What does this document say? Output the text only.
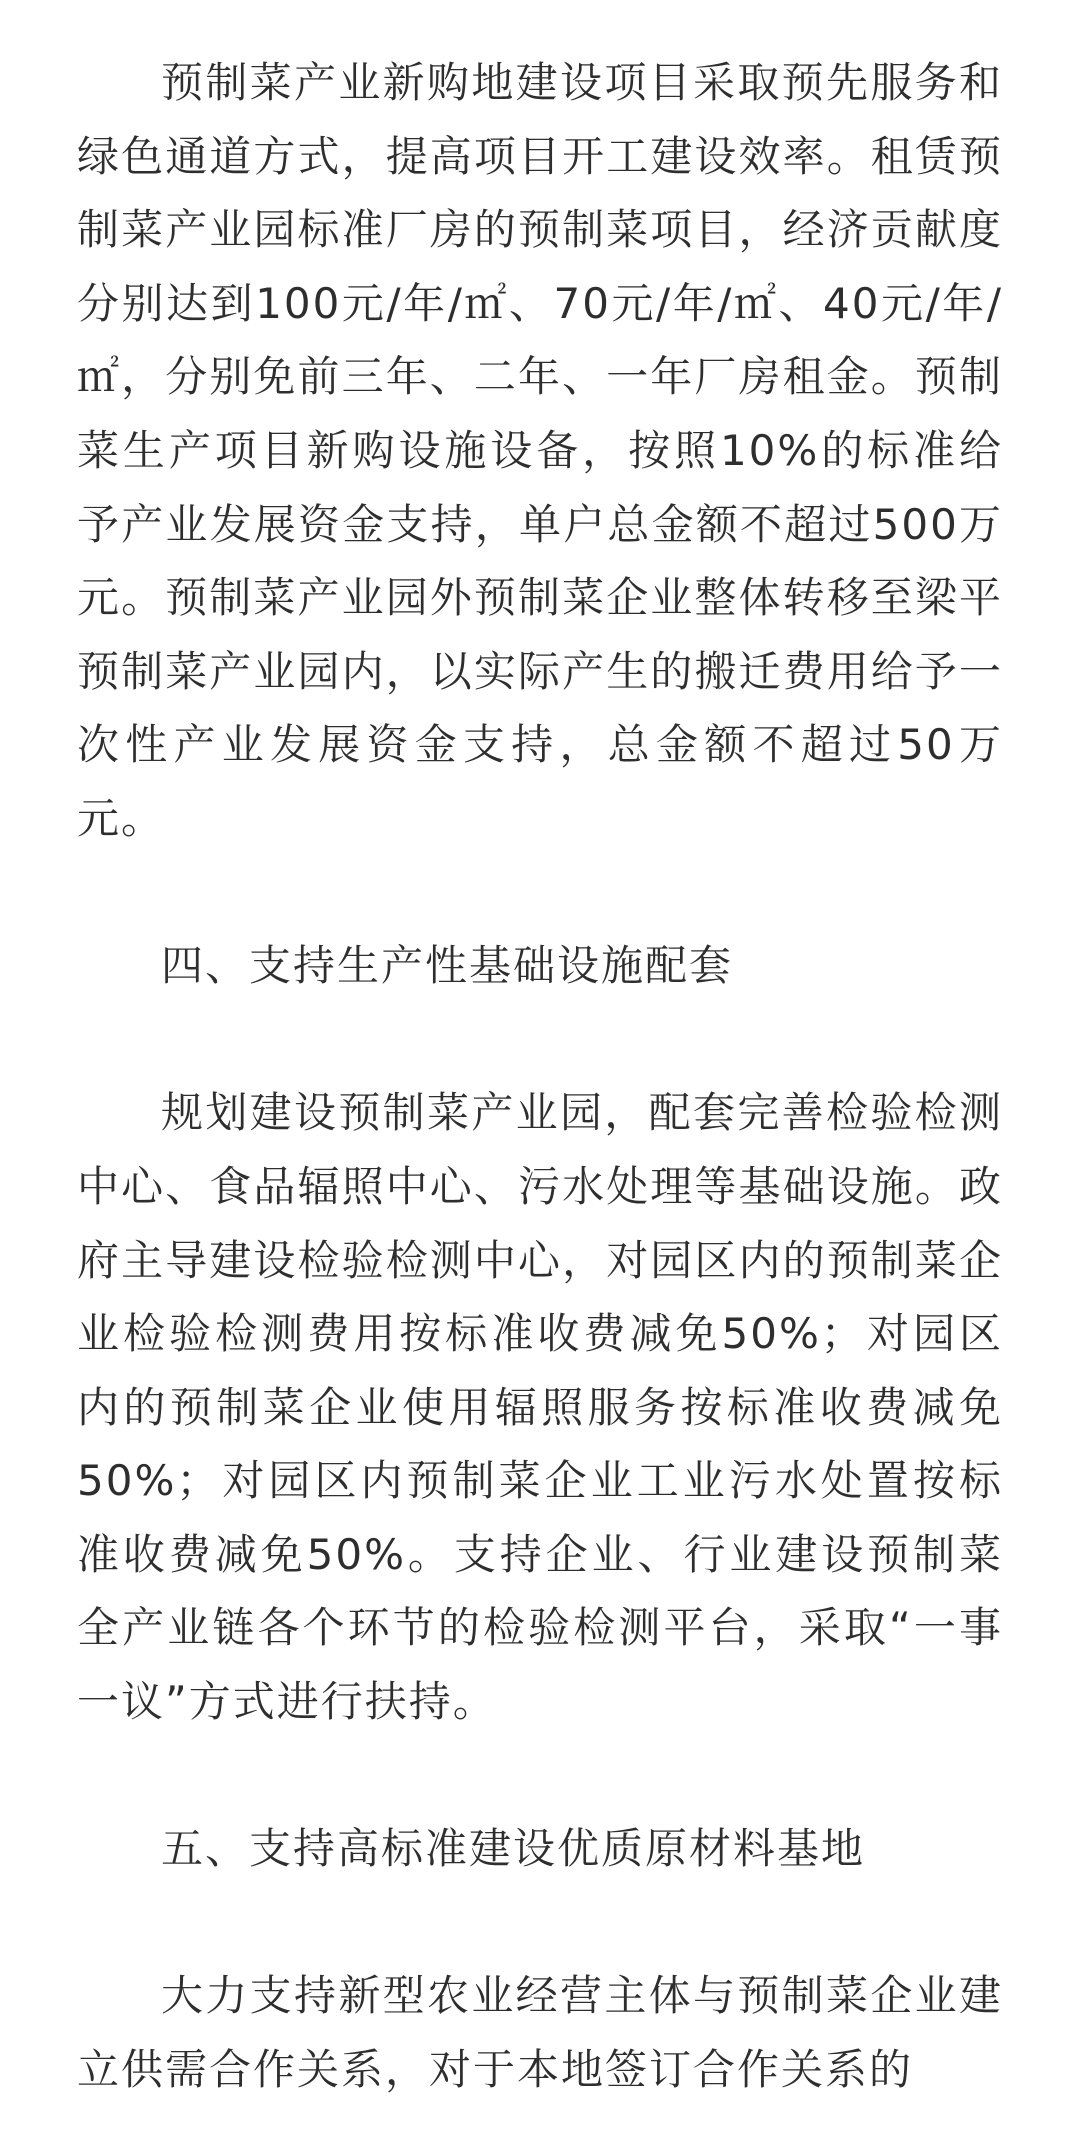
预制菜产业新购地建设项目采取预先服务和绿色通道方式，提高项目开工建设效率。租赁预制菜产业园标准厂房的预制菜项目，经济贡献度分别达到100元/年/㎡、70元/年/㎡、40元/年/㎡，分别免前三年、二年、一年厂房租金。预制菜生产项目新购设施设备，按照10%的标准给予产业发展资金支持，单户总金额不超过500万元。预制菜产业园外预制菜企业整体转移至梁平预制菜产业园内，以实际产生的搬迁费用给予一次性产业发展资金支持，总金额不超过50万元。

四、支持生产性基础设施配套

规划建设预制菜产业园，配套完善检验检测中心、食品辐照中心、污水处理等基础设施。政府主导建设检验检测中心，对园区内的预制菜企业检验检测费用按标准收费减免50%；对园区内的预制菜企业使用辐照服务按标准收费减免50%；对园区内预制菜企业工业污水处置按标准收费减免50%。支持企业、行业建设预制菜全产业链各个环节的检验检测平台，采取“一事一议”方式进行扶持。

五、支持高标准建设优质原材料基地

大力支持新型农业经营主体与预制菜企业建立供需合作关系，对于本地签订合作关系的
